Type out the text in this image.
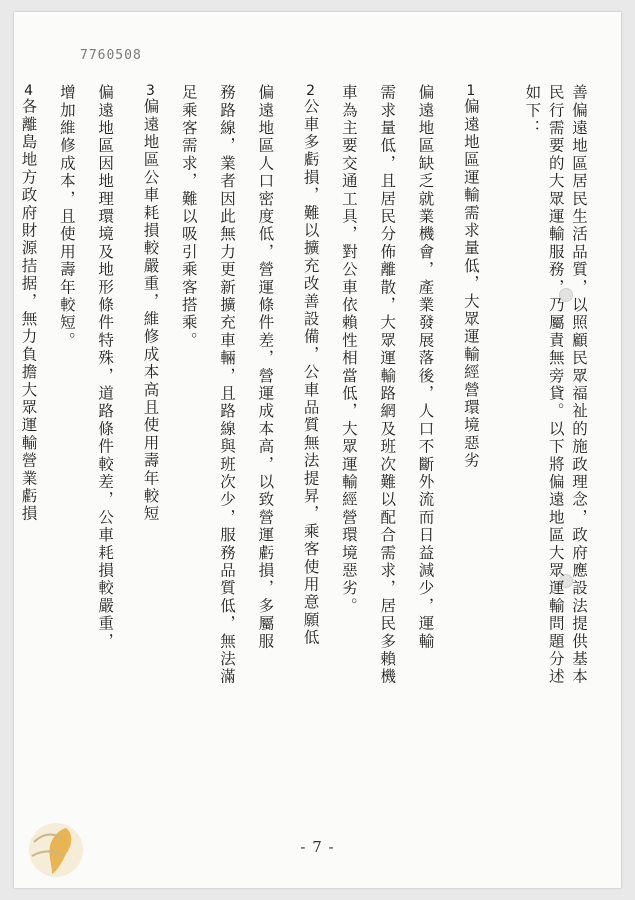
7760508
善偏遠地區居民生活品質，以照顧民眾福祉的施政理念，政府應設法提供基本
民行需要的大眾運輸服務，乃屬責無旁貸。以下將偏遠地區大眾運輸問題分述
如下：

1偏遠地區運輸需求量低，大眾運輸經營環境惡劣
偏遠地區缺乏就業機會，產業發展落後，人口不斷外流而日益減少，運輸
需求量低，且居民分佈離散，大眾運輸路網及班次難以配合需求，居民多賴機
車為主要交通工具，對公車依賴性相當低，大眾運輸經營環境惡劣。
2公車多虧損，難以擴充改善設備，公車品質無法提昇，乘客使用意願低
偏遠地區人口密度低，營運條件差，營運成本高，以致營運虧損，多屬服
務路線，業者因此無力更新擴充車輛，且路線與班次少，服務品質低，無法滿
足乘客需求，難以吸引乘客搭乘。
3偏遠地區公車耗損較嚴重，維修成本高且使用壽年較短
偏遠地區因地理環境及地形條件特殊，道路條件較差，公車耗損較嚴重，
增加維修成本，且使用壽年較短。
4各離島地方政府財源拮据，無力負擔大眾運輸營業虧損
- 7 -
